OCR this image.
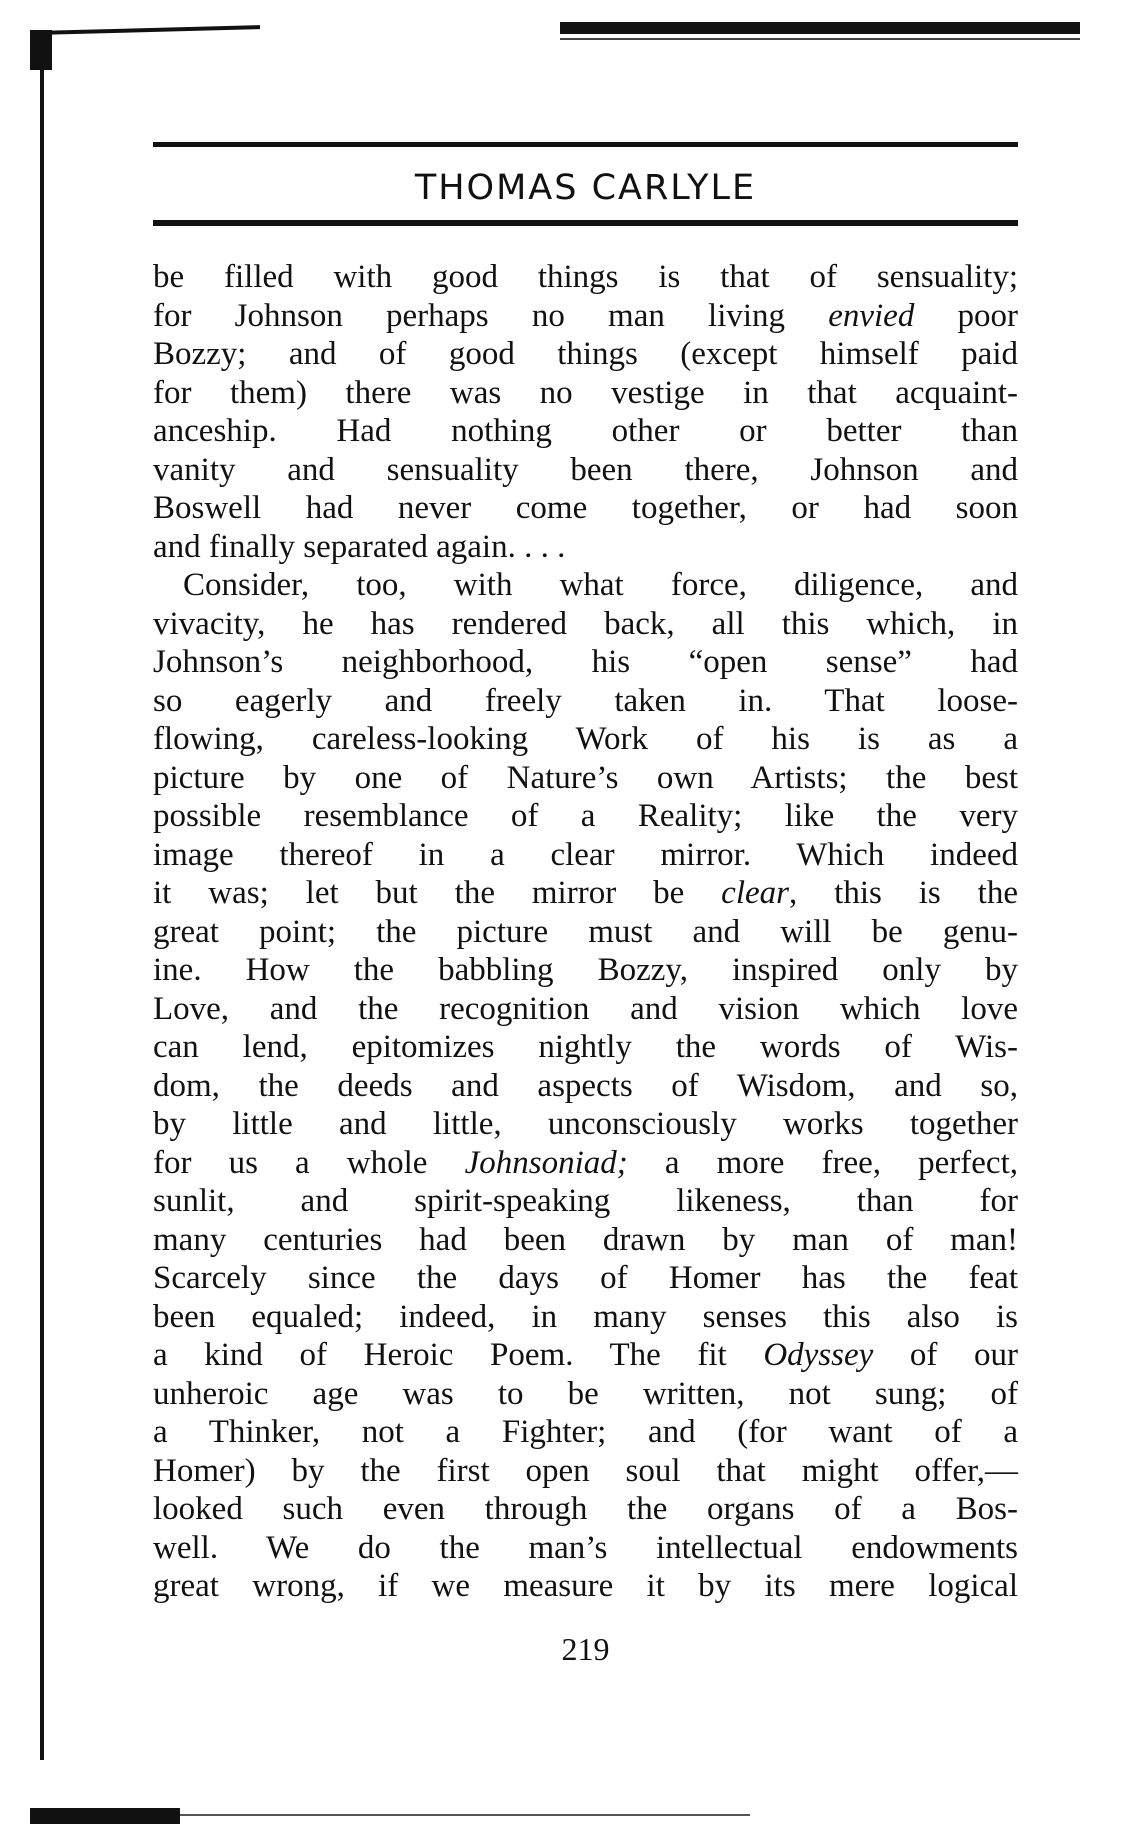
THOMAS CARLYLE
be filled with good things is that of sensuality;
for Johnson perhaps no man living envied poor
Bozzy; and of good things (except himself paid
for them) there was no vestige in that acquaint-
anceship. Had nothing other or better than
vanity and sensuality been there, Johnson and
Boswell had never come together, or had soon
and finally separated again. . . .
Consider, too, with what force, diligence, and
vivacity, he has rendered back, all this which, in
Johnson’s neighborhood, his “open sense” had
so eagerly and freely taken in. That loose-
flowing, careless-looking Work of his is as a
picture by one of Nature’s own Artists; the best
possible resemblance of a Reality; like the very
image thereof in a clear mirror. Which indeed
it was; let but the mirror be clear, this is the
great point; the picture must and will be genu-
ine. How the babbling Bozzy, inspired only by
Love, and the recognition and vision which love
can lend, epitomizes nightly the words of Wis-
dom, the deeds and aspects of Wisdom, and so,
by little and little, unconsciously works together
for us a whole Johnsoniad; a more free, perfect,
sunlit, and spirit-speaking likeness, than for
many centuries had been drawn by man of man!
Scarcely since the days of Homer has the feat
been equaled; indeed, in many senses this also is
a kind of Heroic Poem. The fit Odyssey of our
unheroic age was to be written, not sung; of
a Thinker, not a Fighter; and (for want of a
Homer) by the first open soul that might offer,—
looked such even through the organs of a Bos-
well. We do the man’s intellectual endowments
great wrong, if we measure it by its mere logical
219
